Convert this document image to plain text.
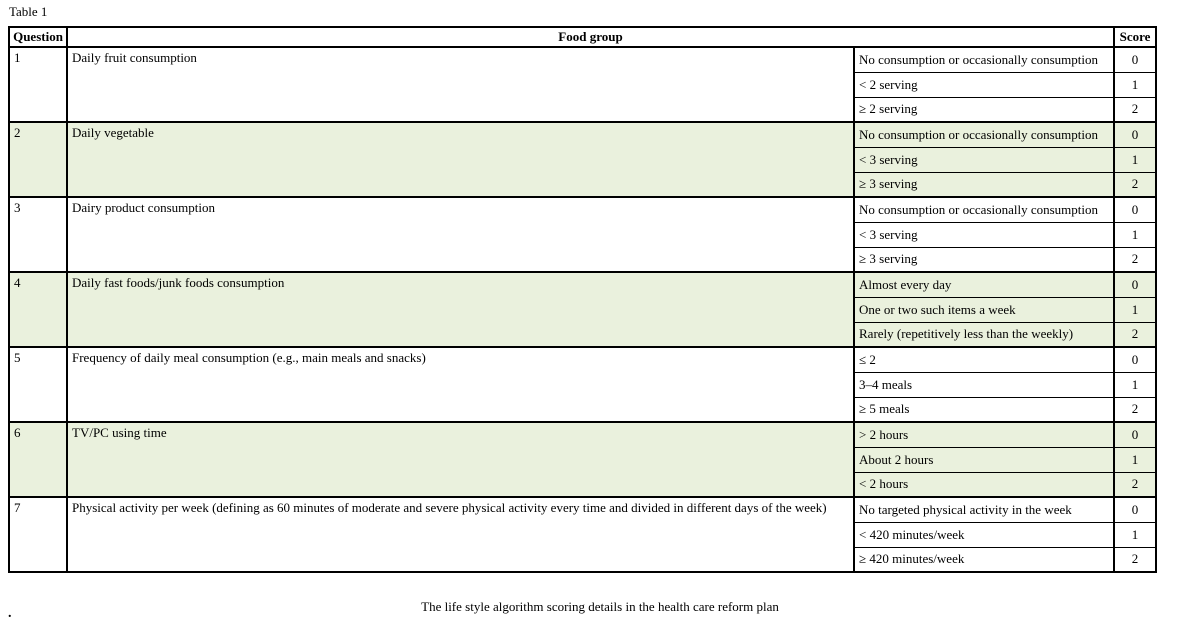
Table 1
Question	Food group		Score
1	Daily fruit consumption	No consumption or occasionally consumption	0
		< 2 serving	1
		≥ 2 serving	2
2	Daily vegetable	No consumption or occasionally consumption	0
		< 3 serving	1
		≥ 3 serving	2
3	Dairy product consumption	No consumption or occasionally consumption	0
		< 3 serving	1
		≥ 3 serving	2
4	Daily fast foods/junk foods consumption	Almost every day	0
		One or two such items a week	1
		Rarely (repetitively less than the weekly)	2
5	Frequency of daily meal consumption (e.g., main meals and snacks)	≤ 2	0
		3–4 meals	1
		≥ 5 meals	2
6	TV/PC using time	> 2 hours	0
		About 2 hours	1
		< 2 hours	2
7	Physical activity per week (defining as 60 minutes of moderate and severe physical activity every time and divided in different days of the week)	No targeted physical activity in the week	0
		< 420 minutes/week	1
		≥ 420 minutes/week	2
The life style algorithm scoring details in the health care reform plan
.
